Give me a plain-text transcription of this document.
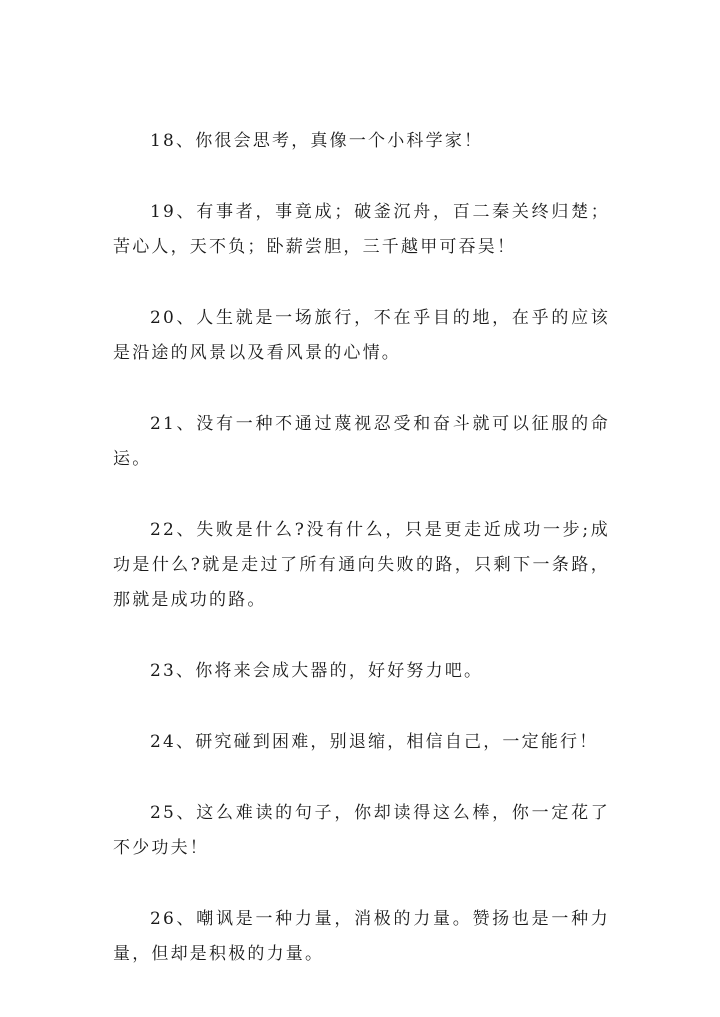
18、你很会思考，真像一个小科学家！

19、有事者，事竟成；破釜沉舟，百二秦关终归楚；苦心人，天不负；卧薪尝胆，三千越甲可吞吴！

20、人生就是一场旅行，不在乎目的地，在乎的应该是沿途的风景以及看风景的心情。

21、没有一种不通过蔑视忍受和奋斗就可以征服的命运。

22、失败是什么?没有什么，只是更走近成功一步;成功是什么?就是走过了所有通向失败的路，只剩下一条路，那就是成功的路。

23、你将来会成大器的，好好努力吧。

24、研究碰到困难，别退缩，相信自己，一定能行！

25、这么难读的句子，你却读得这么棒，你一定花了不少功夫！

26、嘲讽是一种力量，消极的力量。赞扬也是一种力量，但却是积极的力量。
